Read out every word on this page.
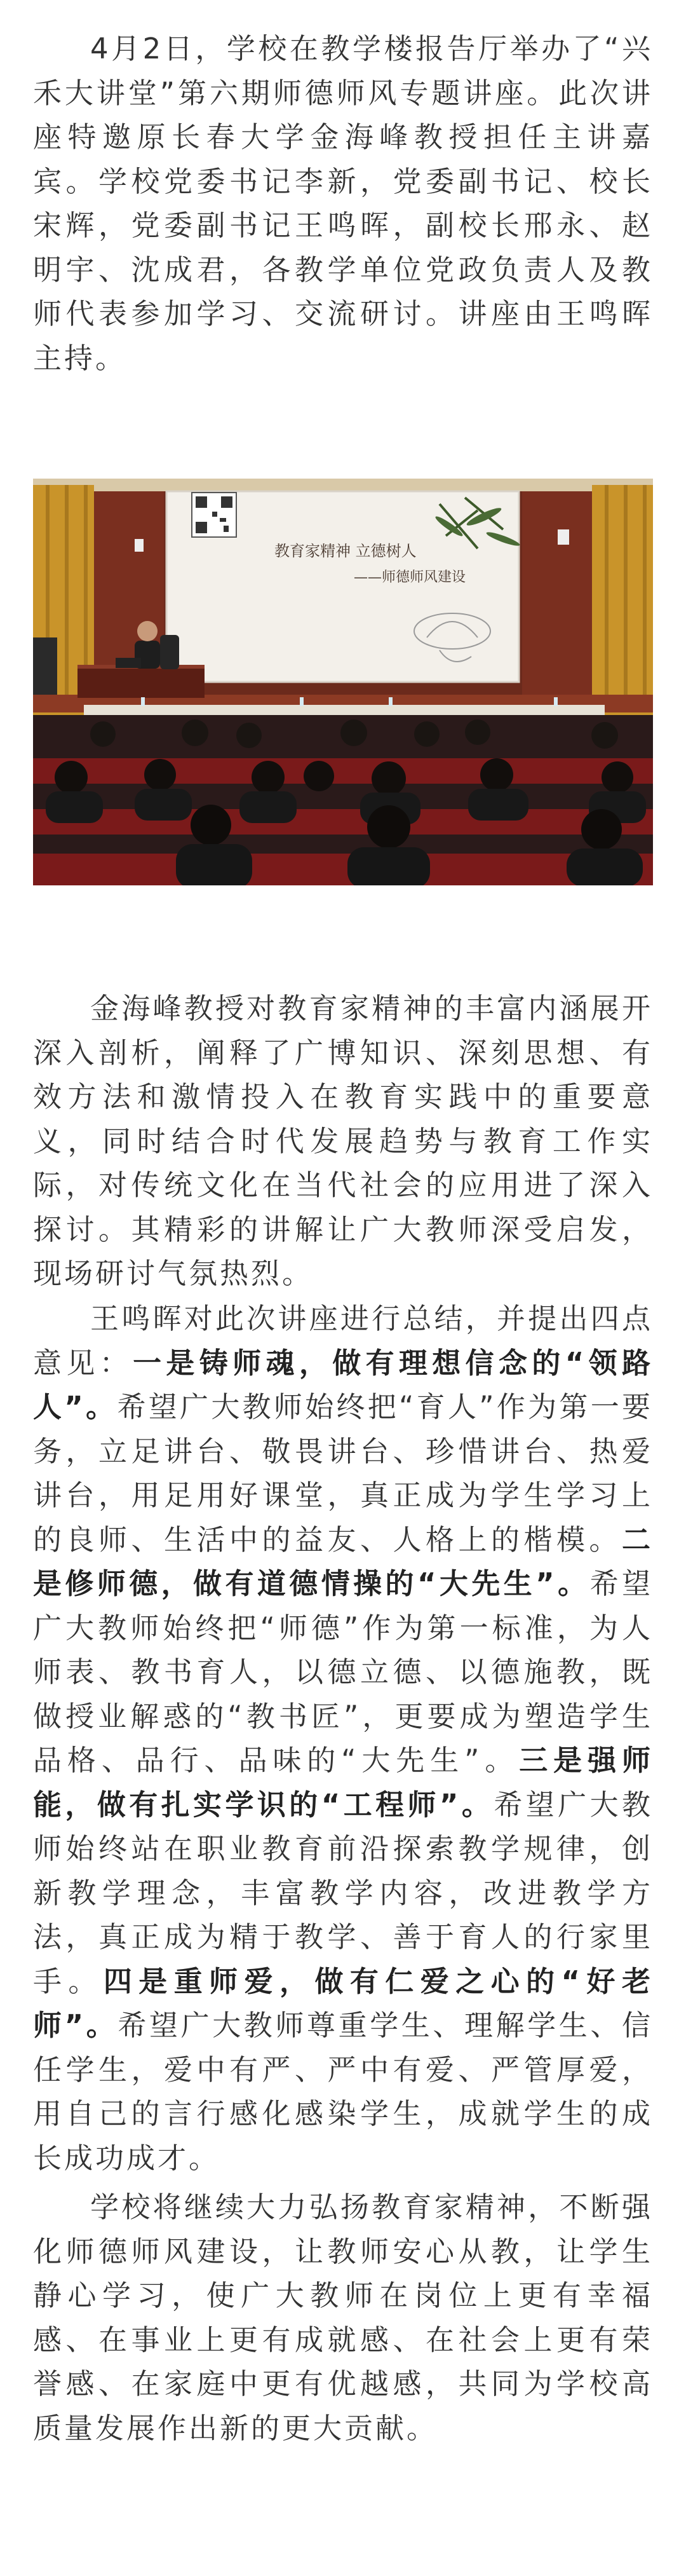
4月2日，学校在教学楼报告厅举办了“兴禾大讲堂”第六期师德师风专题讲座。此次讲座特邀原长春大学金海峰教授担任主讲嘉宾。学校党委书记李新，党委副书记、校长宋辉，党委副书记王鸣晖，副校长邢永、赵明宇、沈成君，各教学单位党政负责人及教师代表参加学习、交流研讨。讲座由王鸣晖主持。

教育家精神 立德树人
——师德师风建设

金海峰教授对教育家精神的丰富内涵展开深入剖析，阐释了广博知识、深刻思想、有效方法和激情投入在教育实践中的重要意义，同时结合时代发展趋势与教育工作实际，对传统文化在当代社会的应用进了深入探讨。其精彩的讲解让广大教师深受启发，现场研讨气氛热烈。

王鸣晖对此次讲座进行总结，并提出四点意见：一是铸师魂，做有理想信念的“领路人”。希望广大教师始终把“育人”作为第一要务，立足讲台、敬畏讲台、珍惜讲台、热爱讲台，用足用好课堂，真正成为学生学习上的良师、生活中的益友、人格上的楷模。二是修师德，做有道德情操的“大先生”。希望广大教师始终把“师德”作为第一标准，为人师表、教书育人，以德立德、以德施教，既做授业解惑的“教书匠”，更要成为塑造学生品格、品行、品味的“大先生”。三是强师能，做有扎实学识的“工程师”。希望广大教师始终站在职业教育前沿探索教学规律，创新教学理念，丰富教学内容，改进教学方法，真正成为精于教学、善于育人的行家里手。四是重师爱，做有仁爱之心的“好老师”。希望广大教师尊重学生、理解学生、信任学生，爱中有严、严中有爱、严管厚爱，用自己的言行感化感染学生，成就学生的成长成功成才。

学校将继续大力弘扬教育家精神，不断强化师德师风建设，让教师安心从教，让学生静心学习，使广大教师在岗位上更有幸福感、在事业上更有成就感、在社会上更有荣誉感、在家庭中更有优越感，共同为学校高质量发展作出新的更大贡献。
